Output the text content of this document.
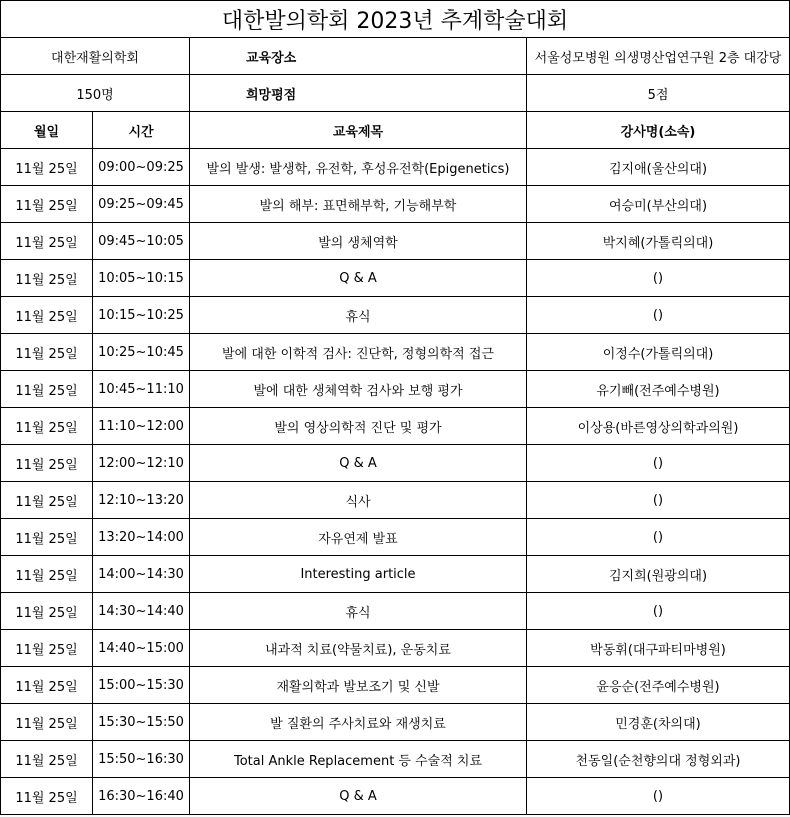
대한발의학회 2023년 추계학술대회			
대한재활의학회		교육장소	서울성모병원 의생명산업연구원 2층 대강당
150명		희망평점	5점
월일	시간	교육제목	강사명(소속)
11월 25일	09:00~09:25	발의 발생: 발생학, 유전학, 후성유전학(Epigenetics)	김지애(울산의대)
11월 25일	09:25~09:45	발의 해부: 표면해부학, 기능해부학	여승미(부산의대)
11월 25일	09:45~10:05	발의 생체역학	박지혜(가톨릭의대)
11월 25일	10:05~10:15	Q & A	()
11월 25일	10:15~10:25	휴식	()
11월 25일	10:25~10:45	발에 대한 이학적 검사: 진단학, 정형의학적 접근	이정수(가톨릭의대)
11월 25일	10:45~11:10	발에 대한 생체역학 검사와 보행 평가	유기빼(전주예수병원)
11월 25일	11:10~12:00	발의 영상의학적 진단 및 평가	이상용(바른영상의학과의원)
11월 25일	12:00~12:10	Q & A	()
11월 25일	12:10~13:20	식사	()
11월 25일	13:20~14:00	자유연제 발표	()
11월 25일	14:00~14:30	Interesting article	김지희(원광의대)
11월 25일	14:30~14:40	휴식	()
11월 25일	14:40~15:00	내과적 치료(약물치료), 운동치료	박동휘(대구파티마병원)
11월 25일	15:00~15:30	재활의학과 발보조기 및 신발	윤응순(전주예수병원)
11월 25일	15:30~15:50	발 질환의 주사치료와 재생치료	민경훈(차의대)
11월 25일	15:50~16:30	Total Ankle Replacement 등 수술적 치료	천동일(순천향의대 정형외과)
11월 25일	16:30~16:40	Q & A	()
